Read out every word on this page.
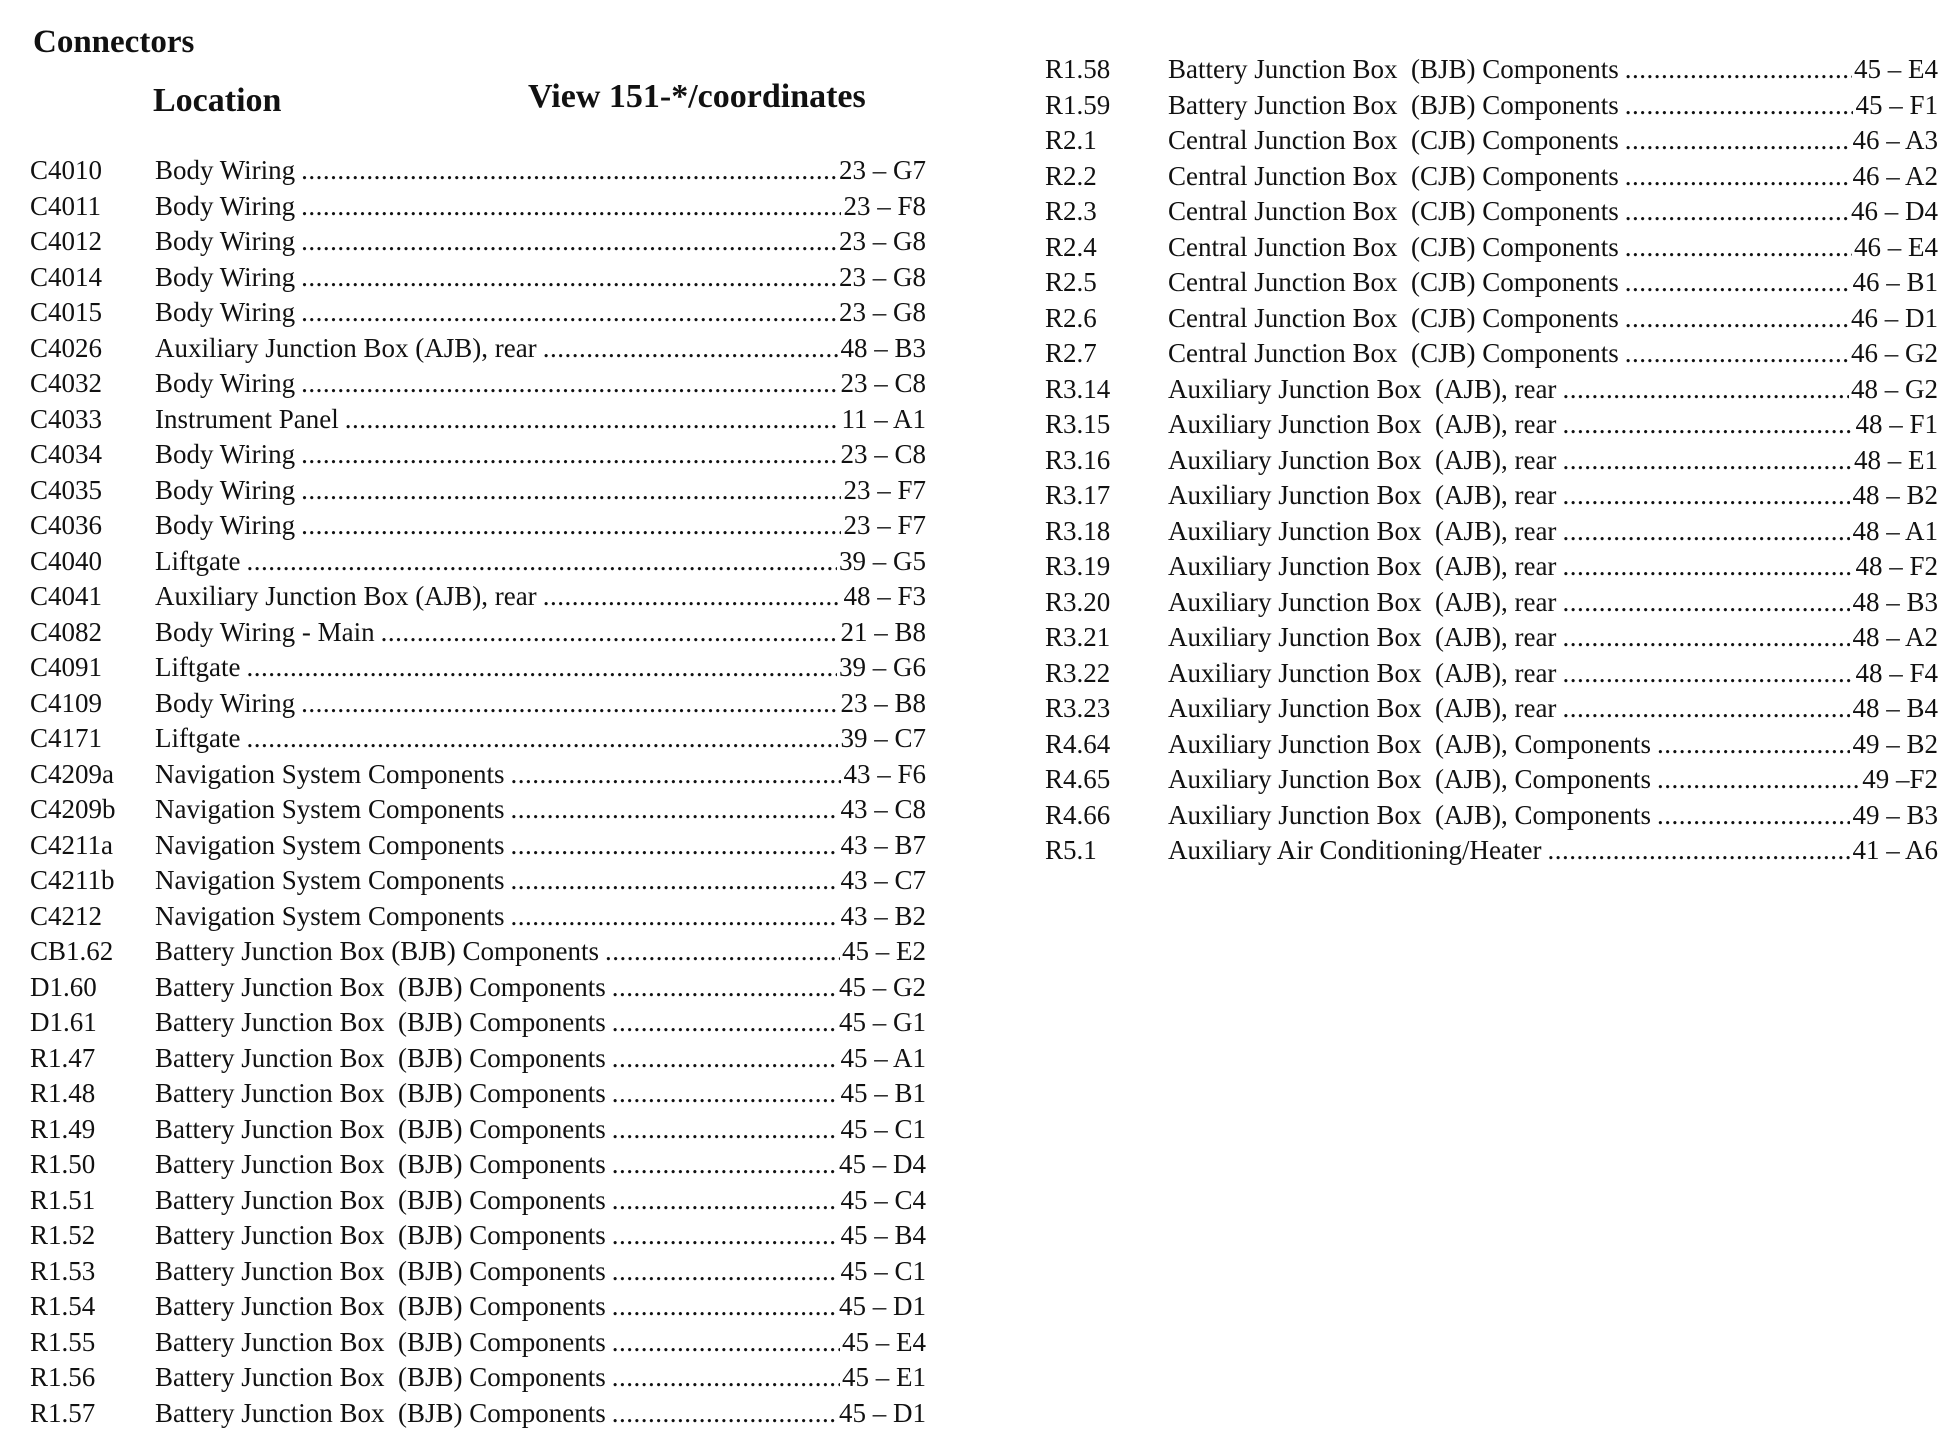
Connectors
Location	View 151-*/coordinates
C4010 Body Wiring .....	23 – G7
C4011 Body Wiring .....	23 – F8
C4012 Body Wiring .....	23 – G8
C4014 Body Wiring .....	23 – G8
C4015 Body Wiring .....	23 – G8
C4026 Auxiliary Junction Box (AJB), rear .....	48 – B3
C4032 Body Wiring .....	23 – C8
C4033 Instrument Panel .....	11 – A1
C4034 Body Wiring .....	23 – C8
C4035 Body Wiring .....	23 – F7
C4036 Body Wiring .....	23 – F7
C4040 Liftgate .....	39 – G5
C4041 Auxiliary Junction Box (AJB), rear .....	48 – F3
C4082 Body Wiring - Main .....	21 – B8
C4091 Liftgate .....	39 – G6
C4109 Body Wiring .....	23 – B8
C4171 Liftgate .....	39 – C7
C4209a Navigation System Components .....	43 – F6
C4209b Navigation System Components .....	43 – C8
C4211a Navigation System Components .....	43 – B7
C4211b Navigation System Components .....	43 – C7
C4212 Navigation System Components .....	43 – B2
CB1.62 Battery Junction Box (BJB) Components .....	45 – E2
D1.60 Battery Junction Box  (BJB) Components .....	45 – G2
D1.61 Battery Junction Box  (BJB) Components .....	45 – G1
R1.47 Battery Junction Box  (BJB) Components .....	45 – A1
R1.48 Battery Junction Box  (BJB) Components .....	45 – B1
R1.49 Battery Junction Box  (BJB) Components .....	45 – C1
R1.50 Battery Junction Box  (BJB) Components .....	45 – D4
R1.51 Battery Junction Box  (BJB) Components .....	45 – C4
R1.52 Battery Junction Box  (BJB) Components .....	45 – B4
R1.53 Battery Junction Box  (BJB) Components .....	45 – C1
R1.54 Battery Junction Box  (BJB) Components .....	45 – D1
R1.55 Battery Junction Box  (BJB) Components .....	45 – E4
R1.56 Battery Junction Box  (BJB) Components .....	45 – E1
R1.57 Battery Junction Box  (BJB) Components .....	45 – D1
R1.58 Battery Junction Box  (BJB) Components .....	45 – E4
R1.59 Battery Junction Box  (BJB) Components .....	45 – F1
R2.1	Central Junction Box  (CJB) Components .....	46 – A3
R2.2	Central Junction Box  (CJB) Components .....	46 – A2
R2.3	Central Junction Box  (CJB) Components .....	46 – D4
R2.4	Central Junction Box  (CJB) Components .....	46 – E4
R2.5	Central Junction Box  (CJB) Components .....	46 – B1
R2.6	Central Junction Box  (CJB) Components .....	46 – D1
R2.7	Central Junction Box  (CJB) Components .....	46 – G2
R3.14 Auxiliary Junction Box  (AJB), rear .....	48 – G2
R3.15 Auxiliary Junction Box  (AJB), rear .....	48 – F1
R3.16 Auxiliary Junction Box  (AJB), rear .....	48 – E1
R3.17 Auxiliary Junction Box  (AJB), rear .....	48 – B2
R3.18 Auxiliary Junction Box  (AJB), rear .....	48 – A1
R3.19 Auxiliary Junction Box  (AJB), rear .....	48 – F2
R3.20 Auxiliary Junction Box  (AJB), rear .....	48 – B3
R3.21 Auxiliary Junction Box  (AJB), rear .....	48 – A2
R3.22 Auxiliary Junction Box  (AJB), rear .....	48 – F4
R3.23 Auxiliary Junction Box  (AJB), rear .....	48 – B4
R4.64 Auxiliary Junction Box  (AJB), Components .....	49 – B2
R4.65 Auxiliary Junction Box  (AJB), Components .....	49 –F2
R4.66 Auxiliary Junction Box  (AJB), Components .....	49 – B3
R5.1	Auxiliary Air Conditioning/Heater .....	41 – A6
